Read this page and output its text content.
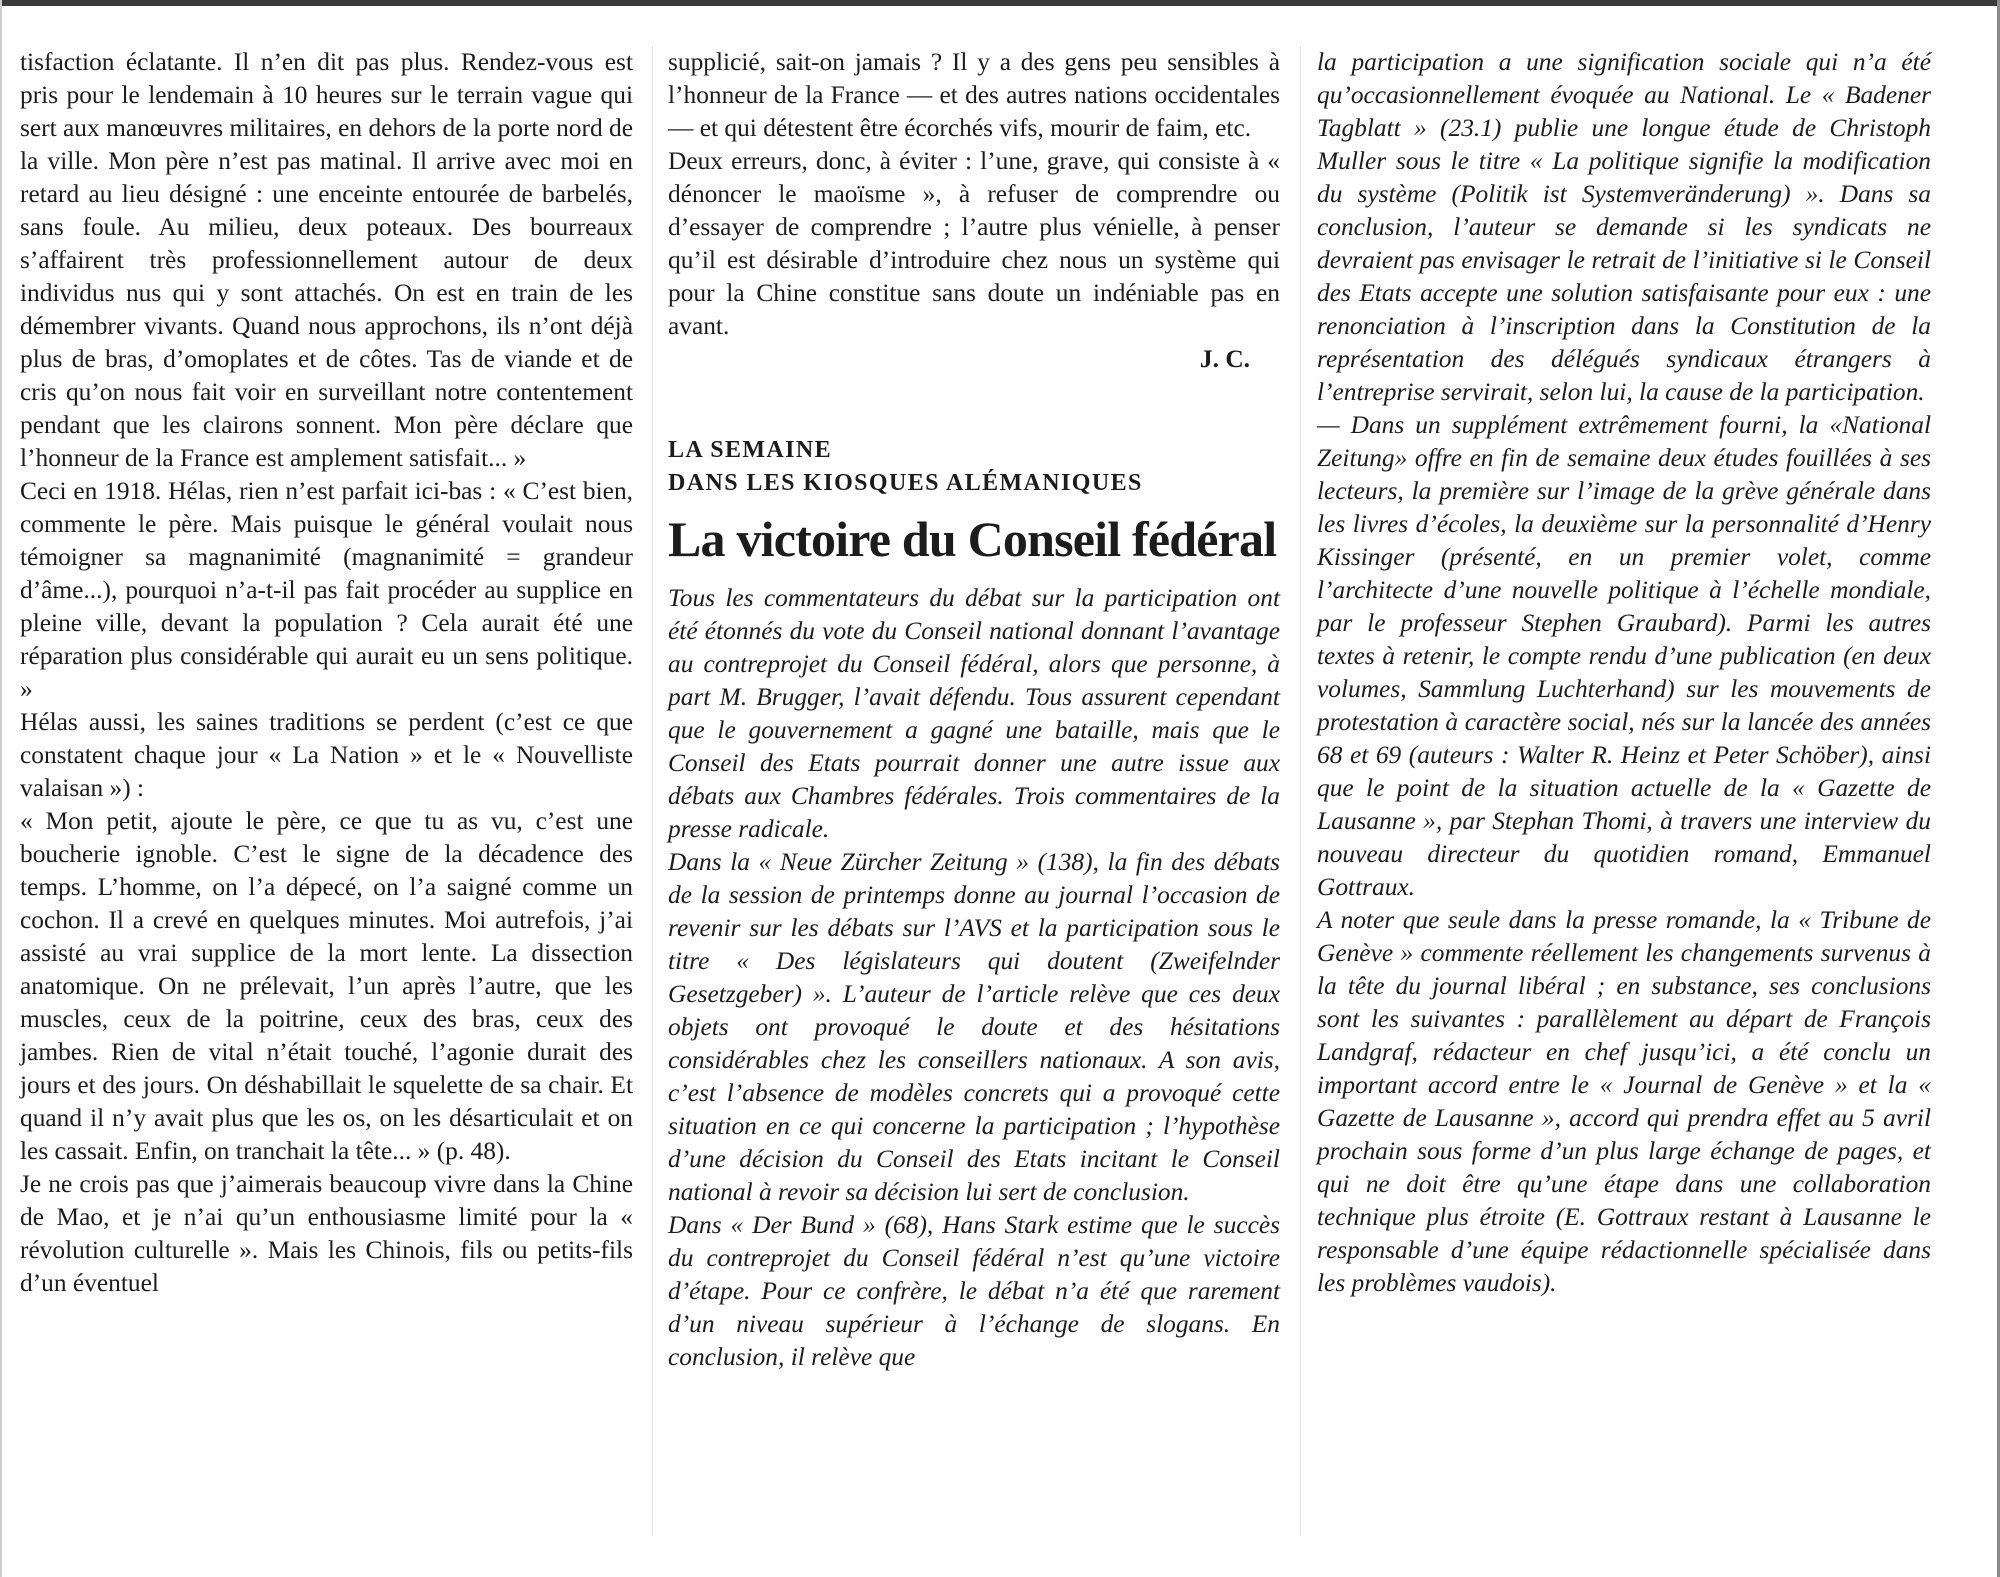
tisfaction éclatante. Il n’en dit pas plus. Rendez-vous est pris pour le lendemain à 10 heures sur le terrain vague qui sert aux manœuvres militaires, en dehors de la porte nord de la ville. Mon père n’est pas matinal. Il arrive avec moi en retard au lieu désigné : une enceinte entourée de barbelés, sans foule. Au milieu, deux poteaux. Des bourreaux s’affairent très professionnellement autour de deux individus nus qui y sont attachés. On est en train de les démembrer vivants. Quand nous approchons, ils n’ont déjà plus de bras, d’omoplates et de côtes. Tas de viande et de cris qu’on nous fait voir en surveillant notre contentement pendant que les clairons sonnent. Mon père déclare que l’honneur de la France est amplement satisfait... »

Ceci en 1918. Hélas, rien n’est parfait ici-bas : « C’est bien, commente le père. Mais puisque le général voulait nous témoigner sa magnanimité (magnanimité = grandeur d’âme...), pourquoi n’a-t-il pas fait procéder au supplice en pleine ville, devant la population ? Cela aurait été une réparation plus considérable qui aurait eu un sens politique. »

Hélas aussi, les saines traditions se perdent (c’est ce que constatent chaque jour « La Nation » et le « Nouvelliste valaisan ») :

« Mon petit, ajoute le père, ce que tu as vu, c’est une boucherie ignoble. C’est le signe de la décadence des temps. L’homme, on l’a dépecé, on l’a saigné comme un cochon. Il a crevé en quelques minutes. Moi autrefois, j’ai assisté au vrai supplice de la mort lente. La dissection anatomique. On ne prélevait, l’un après l’autre, que les muscles, ceux de la poitrine, ceux des bras, ceux des jambes. Rien de vital n’était touché, l’agonie durait des jours et des jours. On déshabillait le squelette de sa chair. Et quand il n’y avait plus que les os, on les désarticulait et on les cassait. Enfin, on tranchait la tête... » (p. 48).

Je ne crois pas que j’aimerais beaucoup vivre dans la Chine de Mao, et je n’ai qu’un enthousiasme limité pour la « révolution culturelle ». Mais les Chinois, fils ou petits-fils d’un éventuel

supplicié, sait-on jamais ? Il y a des gens peu sensibles à l’honneur de la France — et des autres nations occidentales — et qui détestent être écorchés vifs, mourir de faim, etc.

Deux erreurs, donc, à éviter : l’une, grave, qui consiste à « dénoncer le maoïsme », à refuser de comprendre ou d’essayer de comprendre ; l’autre plus vénielle, à penser qu’il est désirable d’introduire chez nous un système qui pour la Chine constitue sans doute un indéniable pas en avant.

J. C.

LA SEMAINE
DANS LES KIOSQUES ALÉMANIQUES
La victoire du Conseil fédéral

Tous les commentateurs du débat sur la participation ont été étonnés du vote du Conseil national donnant l’avantage au contreprojet du Conseil fédéral, alors que personne, à part M. Brugger, l’avait défendu. Tous assurent cependant que le gouvernement a gagné une bataille, mais que le Conseil des Etats pourrait donner une autre issue aux débats aux Chambres fédérales. Trois commentaires de la presse radicale.

Dans la « Neue Zürcher Zeitung » (138), la fin des débats de la session de printemps donne au journal l’occasion de revenir sur les débats sur l’AVS et la participation sous le titre « Des législateurs qui doutent (Zweifelnder Gesetzgeber) ». L’auteur de l’article relève que ces deux objets ont provoqué le doute et des hésitations considérables chez les conseillers nationaux. A son avis, c’est l’absence de modèles concrets qui a provoqué cette situation en ce qui concerne la participation ; l’hypothèse d’une décision du Conseil des Etats incitant le Conseil national à revoir sa décision lui sert de conclusion.

Dans « Der Bund » (68), Hans Stark estime que le succès du contreprojet du Conseil fédéral n’est qu’une victoire d’étape. Pour ce confrère, le débat n’a été que rarement d’un niveau supérieur à l’échange de slogans. En conclusion, il relève que

la participation a une signification sociale qui n’a été qu’occasionnellement évoquée au National. Le « Badener Tagblatt » (23.1) publie une longue étude de Christoph Muller sous le titre « La politique signifie la modification du système (Politik ist Systemveränderung) ». Dans sa conclusion, l’auteur se demande si les syndicats ne devraient pas envisager le retrait de l’initiative si le Conseil des Etats accepte une solution satisfaisante pour eux : une renonciation à l’inscription dans la Constitution de la représentation des délégués syndicaux étrangers à l’entreprise servirait, selon lui, la cause de la participation.

— Dans un supplément extrêmement fourni, la «National Zeitung» offre en fin de semaine deux études fouillées à ses lecteurs, la première sur l’image de la grève générale dans les livres d’écoles, la deuxième sur la personnalité d’Henry Kissinger (présenté, en un premier volet, comme l’architecte d’une nouvelle politique à l’échelle mondiale, par le professeur Stephen Graubard). Parmi les autres textes à retenir, le compte rendu d’une publication (en deux volumes, Sammlung Luchterhand) sur les mouvements de protestation à caractère social, nés sur la lancée des années 68 et 69 (auteurs : Walter R. Heinz et Peter Schöber), ainsi que le point de la situation actuelle de la « Gazette de Lausanne », par Stephan Thomi, à travers une interview du nouveau directeur du quotidien romand, Emmanuel Gottraux.

A noter que seule dans la presse romande, la « Tribune de Genève » commente réellement les changements survenus à la tête du journal libéral ; en substance, ses conclusions sont les suivantes : parallèlement au départ de François Landgraf, rédacteur en chef jusqu’ici, a été conclu un important accord entre le « Journal de Genève » et la « Gazette de Lausanne », accord qui prendra effet au 5 avril prochain sous forme d’un plus large échange de pages, et qui ne doit être qu’une étape dans une collaboration technique plus étroite (E. Gottraux restant à Lausanne le responsable d’une équipe rédactionnelle spécialisée dans les problèmes vaudois).
